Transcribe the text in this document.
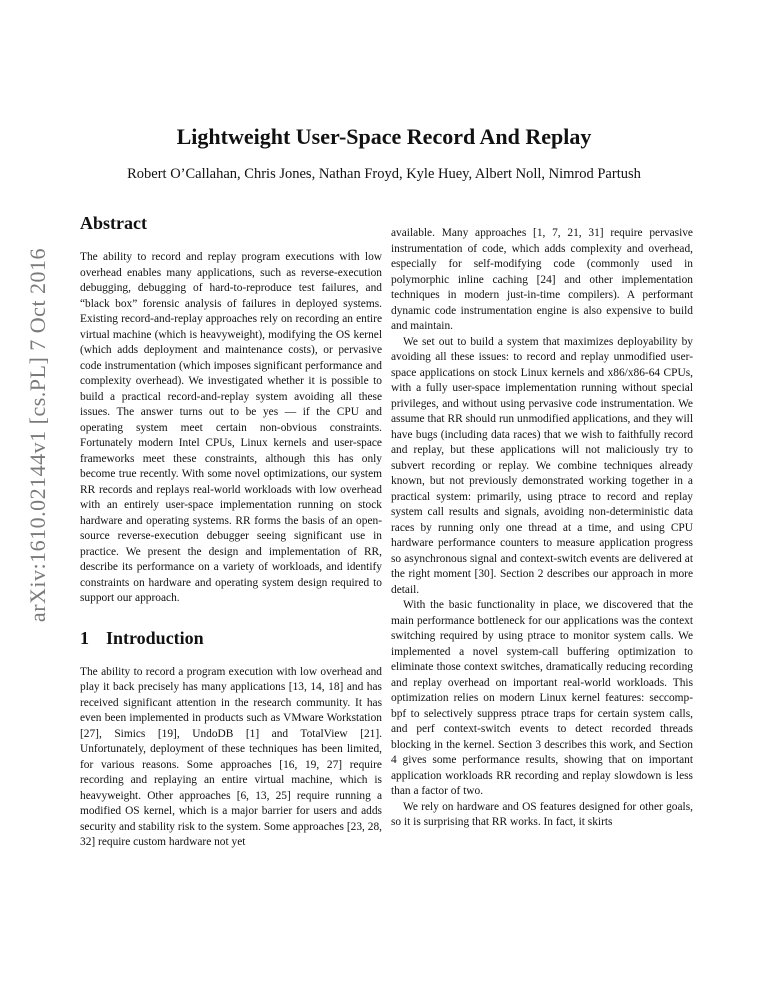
arXiv:1610.02144v1 [cs.PL] 7 Oct 2016
Lightweight User-Space Record And Replay

Robert O’Callahan, Chris Jones, Nathan Froyd, Kyle Huey, Albert Noll, Nimrod Partush

Abstract

The ability to record and replay program executions with low overhead enables many applications, such as reverse-execution debugging, debugging of hard-to-reproduce test failures, and “black box” forensic analysis of failures in deployed systems. Existing record-and-replay approaches rely on recording an entire virtual machine (which is heavyweight), modifying the OS kernel (which adds deployment and maintenance costs), or pervasive code instrumentation (which imposes significant performance and complexity overhead). We investigated whether it is possible to build a practical record-and-replay system avoiding all these issues. The answer turns out to be yes — if the CPU and operating system meet certain non-obvious constraints. Fortunately modern Intel CPUs, Linux kernels and user-space frameworks meet these constraints, although this has only become true recently. With some novel optimizations, our system RR records and replays real-world workloads with low overhead with an entirely user-space implementation running on stock hardware and operating systems. RR forms the basis of an open-source reverse-execution debugger seeing significant use in practice. We present the design and implementation of RR, describe its performance on a variety of workloads, and identify constraints on hardware and operating system design required to support our approach.

1 Introduction

The ability to record a program execution with low overhead and play it back precisely has many applications [13, 14, 18] and has received significant attention in the research community. It has even been implemented in products such as VMware Workstation [27], Simics [19], UndoDB [1] and TotalView [21]. Unfortunately, deployment of these techniques has been limited, for various reasons. Some approaches [16, 19, 27] require recording and replaying an entire virtual machine, which is heavyweight. Other approaches [6, 13, 25] require running a modified OS kernel, which is a major barrier for users and adds security and stability risk to the system. Some approaches [23, 28, 32] require custom hardware not yet

available. Many approaches [1, 7, 21, 31] require pervasive instrumentation of code, which adds complexity and overhead, especially for self-modifying code (commonly used in polymorphic inline caching [24] and other implementation techniques in modern just-in-time compilers). A performant dynamic code instrumentation engine is also expensive to build and maintain.

We set out to build a system that maximizes deployability by avoiding all these issues: to record and replay unmodified user-space applications on stock Linux kernels and x86/x86-64 CPUs, with a fully user-space implementation running without special privileges, and without using pervasive code instrumentation. We assume that RR should run unmodified applications, and they will have bugs (including data races) that we wish to faithfully record and replay, but these applications will not maliciously try to subvert recording or replay. We combine techniques already known, but not previously demonstrated working together in a practical system: primarily, using ptrace to record and replay system call results and signals, avoiding non-deterministic data races by running only one thread at a time, and using CPU hardware performance counters to measure application progress so asynchronous signal and context-switch events are delivered at the right moment [30]. Section 2 describes our approach in more detail.

With the basic functionality in place, we discovered that the main performance bottleneck for our applications was the context switching required by using ptrace to monitor system calls. We implemented a novel system-call buffering optimization to eliminate those context switches, dramatically reducing recording and replay overhead on important real-world workloads. This optimization relies on modern Linux kernel features: seccomp-bpf to selectively suppress ptrace traps for certain system calls, and perf context-switch events to detect recorded threads blocking in the kernel. Section 3 describes this work, and Section 4 gives some performance results, showing that on important application workloads RR recording and replay slowdown is less than a factor of two.

We rely on hardware and OS features designed for other goals, so it is surprising that RR works. In fact, it skirts
